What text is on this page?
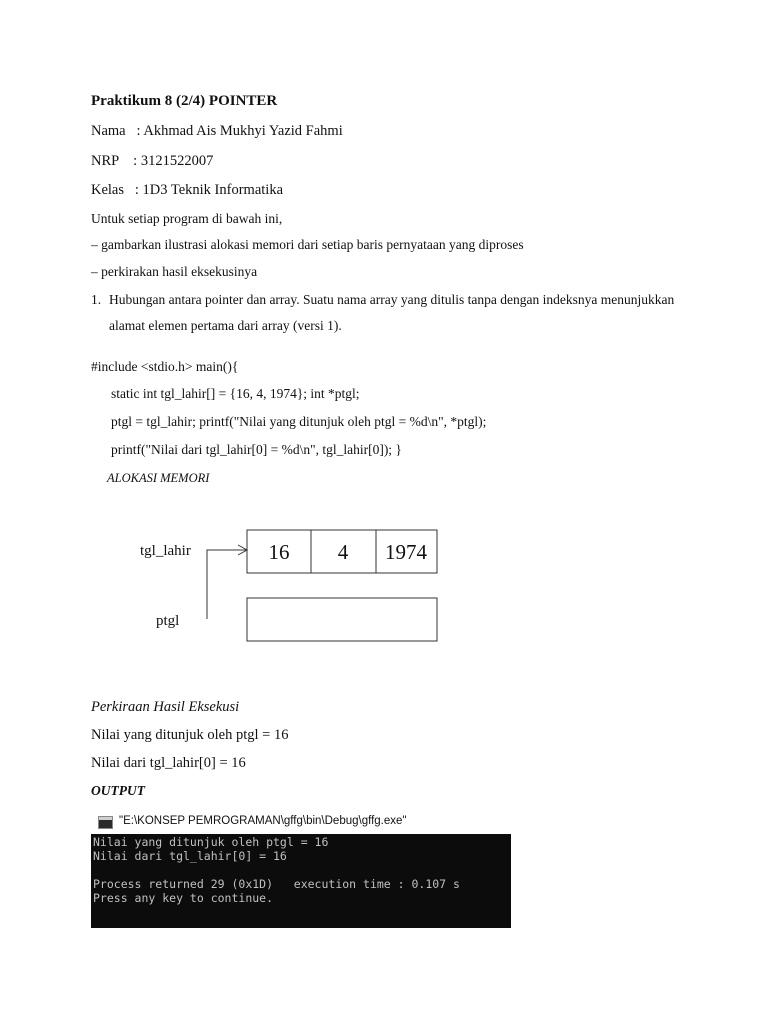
Praktikum 8 (2/4) POINTER
Nama   : Akhmad Ais Mukhyi Yazid Fahmi
NRP    : 3121522007
Kelas   : 1D3 Teknik Informatika
Untuk setiap program di bawah ini,
– gambarkan ilustrasi alokasi memori dari setiap baris pernyataan yang diproses
– perkirakan hasil eksekusinya
1. Hubungan antara pointer dan array. Suatu nama array yang ditulis tanpa dengan indeksnya menunjukkan
alamat elemen pertama dari array (versi 1).
#include <stdio.h> main(){
static int tgl_lahir[] = {16, 4, 1974}; int *ptgl;
ptgl = tgl_lahir; printf("Nilai yang ditunjuk oleh ptgl = %d\n", *ptgl);
printf("Nilai dari tgl_lahir[0] = %d\n", tgl_lahir[0]); }
ALOKASI MEMORI
tgl_lahir
ptgl
16 4 1974
Perkiraan Hasil Eksekusi
Nilai yang ditunjuk oleh ptgl = 16
Nilai dari tgl_lahir[0] = 16
OUTPUT
"E:\KONSEP PEMROGRAMAN\gffg\bin\Debug\gffg.exe"
Nilai yang ditunjuk oleh ptgl = 16
Nilai dari tgl_lahir[0] = 16
Process returned 29 (0x1D)   execution time : 0.107 s
Press any key to continue.
